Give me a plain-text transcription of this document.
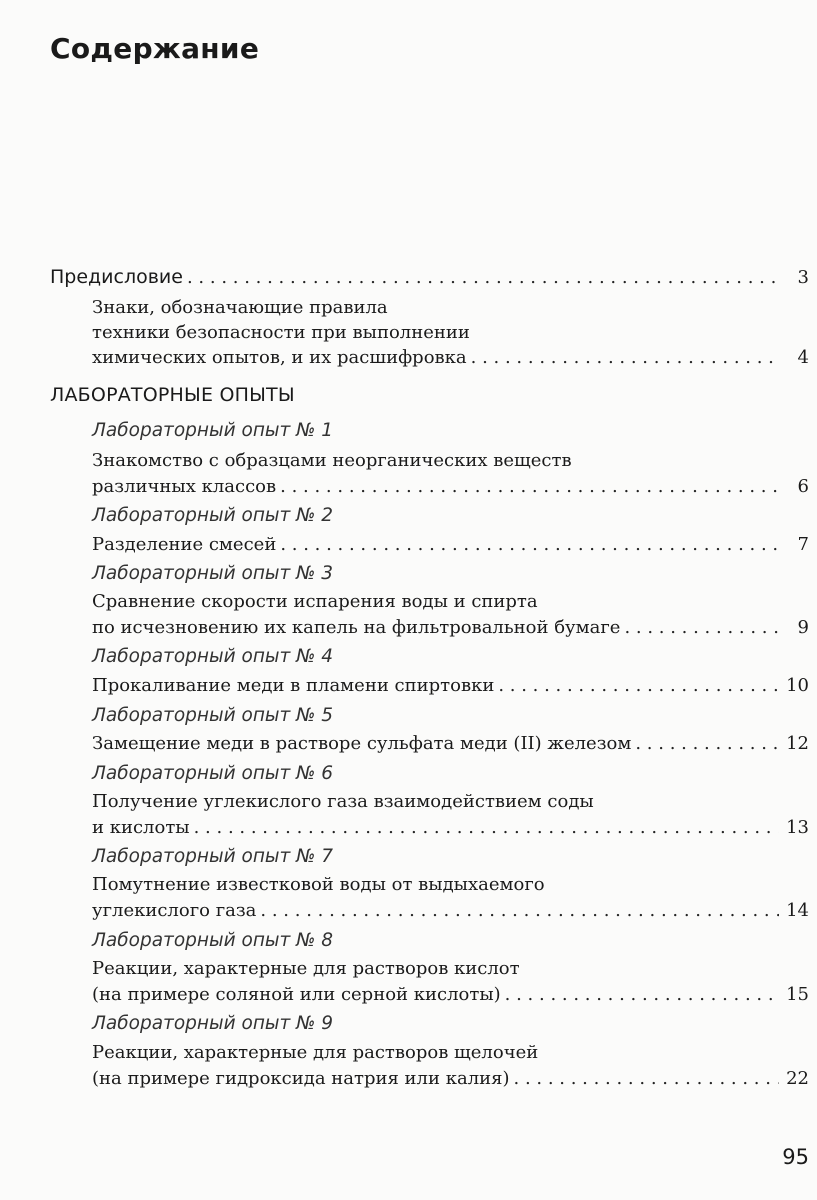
Содержание
Предисловие . . .	3
Знаки, обозначающие правила
техники безопасности при выполнении
химических опытов, и их расшифровка . . .	4
ЛАБОРАТОРНЫЕ ОПЫТЫ
Лабораторный опыт № 1
Знакомство с образцами неорганических веществ
различных классов . . .	6
Лабораторный опыт № 2
Разделение смесей . . .	7
Лабораторный опыт № 3
Сравнение скорости испарения воды и спирта
по исчезновению их капель на фильтровальной бумаге . . .	9
Лабораторный опыт № 4
Прокаливание меди в пламени спиртовки . . .	10
Лабораторный опыт № 5
Замещение меди в растворе сульфата меди (II) железом . . .	12
Лабораторный опыт № 6
Получение углекислого газа взаимодействием соды
и кислоты . . .	13
Лабораторный опыт № 7
Помутнение известковой воды от выдыхаемого
углекислого газа . . .	14
Лабораторный опыт № 8
Реакции, характерные для растворов кислот
(на примере соляной или серной кислоты) . . .	15
Лабораторный опыт № 9
Реакции, характерные для растворов щелочей
(на примере гидроксида натрия или калия) . . .	22
95
